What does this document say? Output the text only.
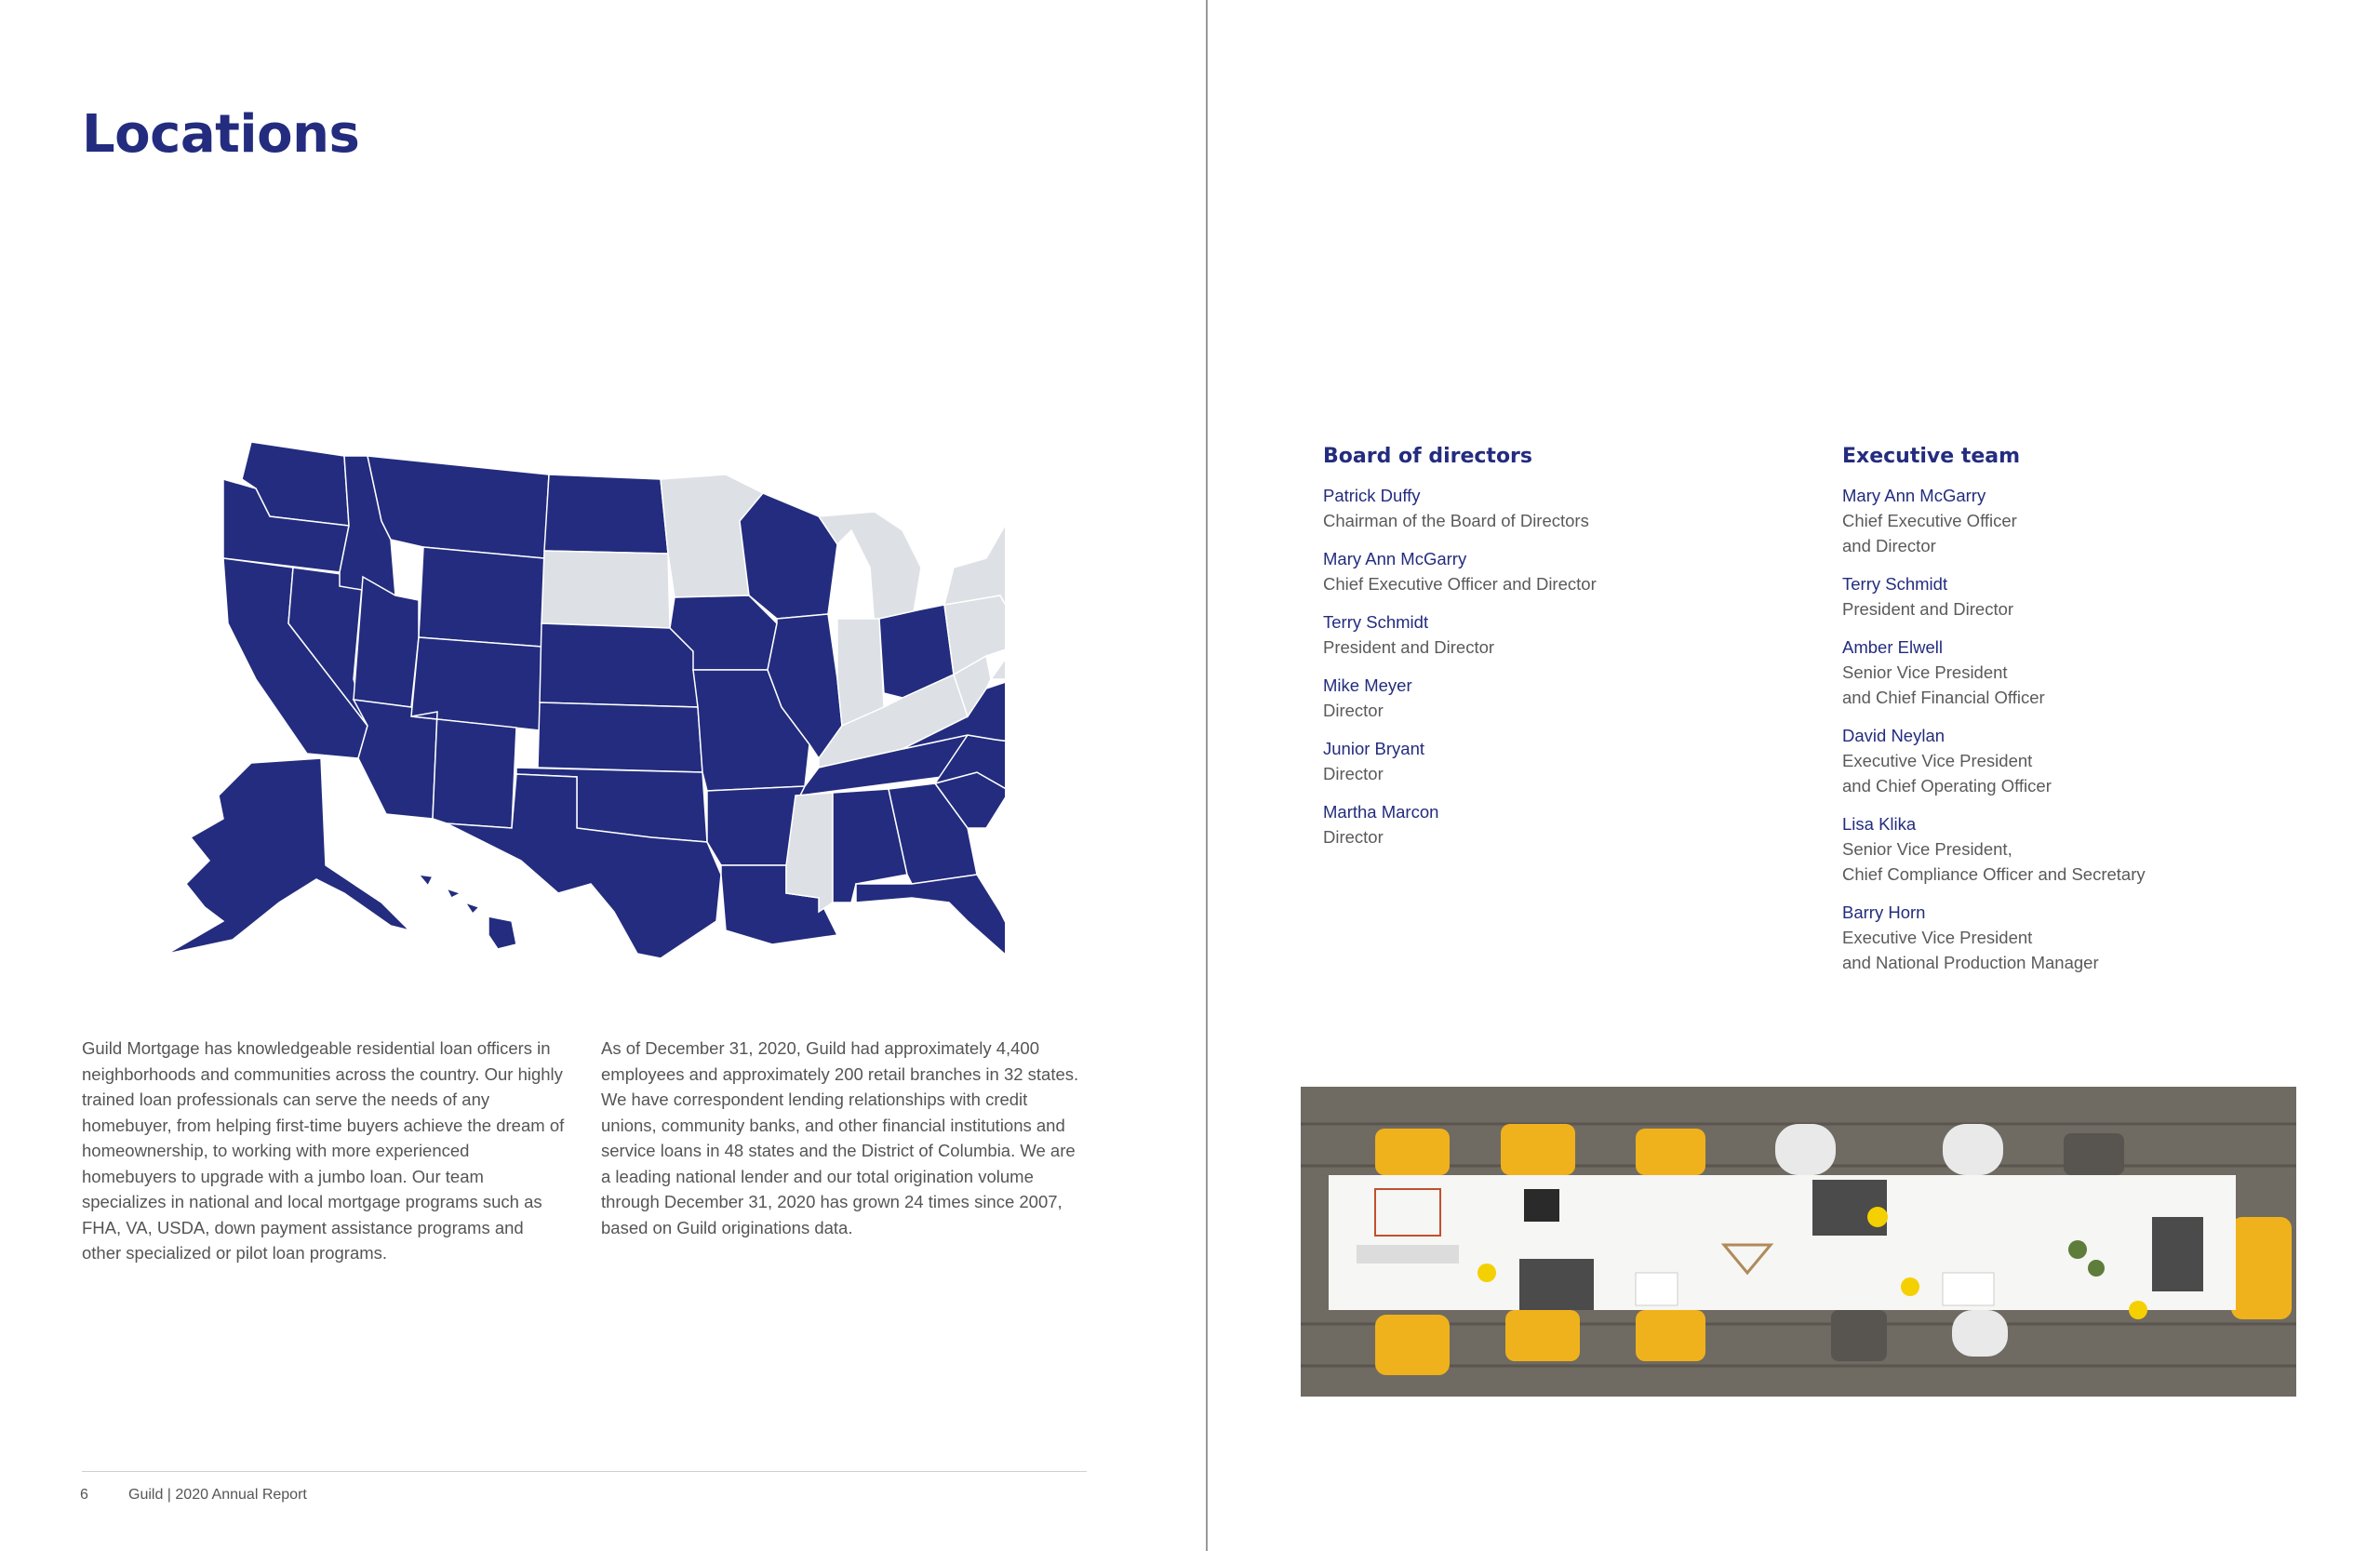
Locations

Guild Mortgage has knowledgeable residential loan officers in neighborhoods and communities across the country. Our highly trained loan professionals can serve the needs of any homebuyer, from helping first-time buyers achieve the dream of homeownership, to working with more experienced homebuyers to upgrade with a jumbo loan. Our team specializes in national and local mortgage programs such as FHA, VA, USDA, down payment assistance programs and other specialized or pilot loan programs.

As of December 31, 2020, Guild had approximately 4,400 employees and approximately 200 retail branches in 32 states. We have correspondent lending relationships with credit unions, community banks, and other financial institutions and service loans in 48 states and the District of Columbia. We are a leading national lender and our total origination volume through December 31, 2020 has grown 24 times since 2007, based on Guild originations data.

6	Guild | 2020 Annual Report
Board of directors
Patrick Duffy
Chairman of the Board of Directors
Mary Ann McGarry
Chief Executive Officer and Director
Terry Schmidt
President and Director
Mike Meyer
Director
Junior Bryant
Director
Martha Marcon
Director
Executive team
Mary Ann McGarry
Chief Executive Officer
and Director
Terry Schmidt
President and Director
Amber Elwell
Senior Vice President
and Chief Financial Officer
David Neylan
Executive Vice President
and Chief Operating Officer
Lisa Klika
Senior Vice President,
Chief Compliance Officer and Secretary
Barry Horn
Executive Vice President
and National Production Manager
